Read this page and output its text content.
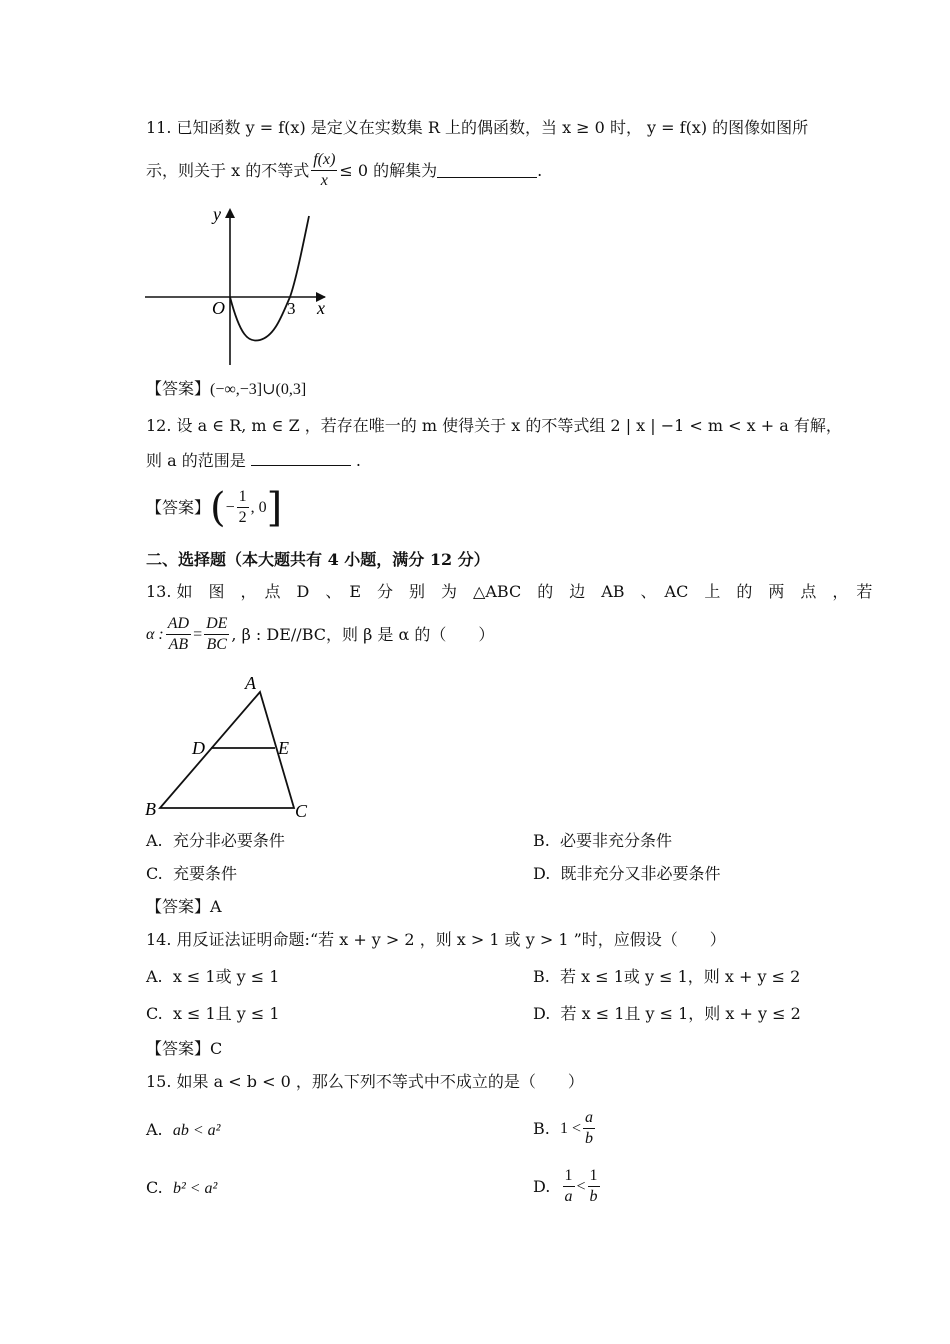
11. 已知函数 y = f(x) 是定义在实数集 R 上的偶函数，当 x ≥ 0 时， y = f(x) 的图像如图所
示，则关于 x 的不等式 $\frac{f(x)}{x} \le 0$ 的解集为	.
y
x
O	3
【答案】(−∞,−3]∪(0,3]
12. 设 a ∈ R, m ∈ Z ，若存在唯一的 m 使得关于 x 的不等式组 2 | x | −1 < m < x + a 有解，
则 a 的范围是	.
【答案】 ( − $\frac{1}{2}$ , 0 ]
二、选择题（本大题共有 4 小题，满分 12 分）
13. 如　图　，　点　D　、　E　分　别　为　△ABC　的　边　AB　、　AC　上　的　两　点　，　若
α : $\frac{AD}{AB} = \frac{DE}{BC}$ , β : DE//BC，则 β 是 α 的（　　）
A
D	E
B	C
A. 充分非必要条件	B. 必要非充分条件
C. 充要条件	D. 既非充分又非必要条件
【答案】A
14. 用反证法证明命题:“若 x + y > 2 ，则 x > 1 或 y > 1 ”时，应假设（　　）
A. x ≤ 1或 y ≤ 1	B. 若 x ≤ 1或 y ≤ 1，则 x + y ≤ 2
C. x ≤ 1且 y ≤ 1	D. 若 x ≤ 1且 y ≤ 1，则 x + y ≤ 2
【答案】C
15. 如果 a < b < 0 ，那么下列不等式中不成立的是（　　）
A. ab < a²	B.
$1 < \frac{a}{b}$
C. b² < a²	D.
$\frac{1}{a} < \frac{1}{b}$
